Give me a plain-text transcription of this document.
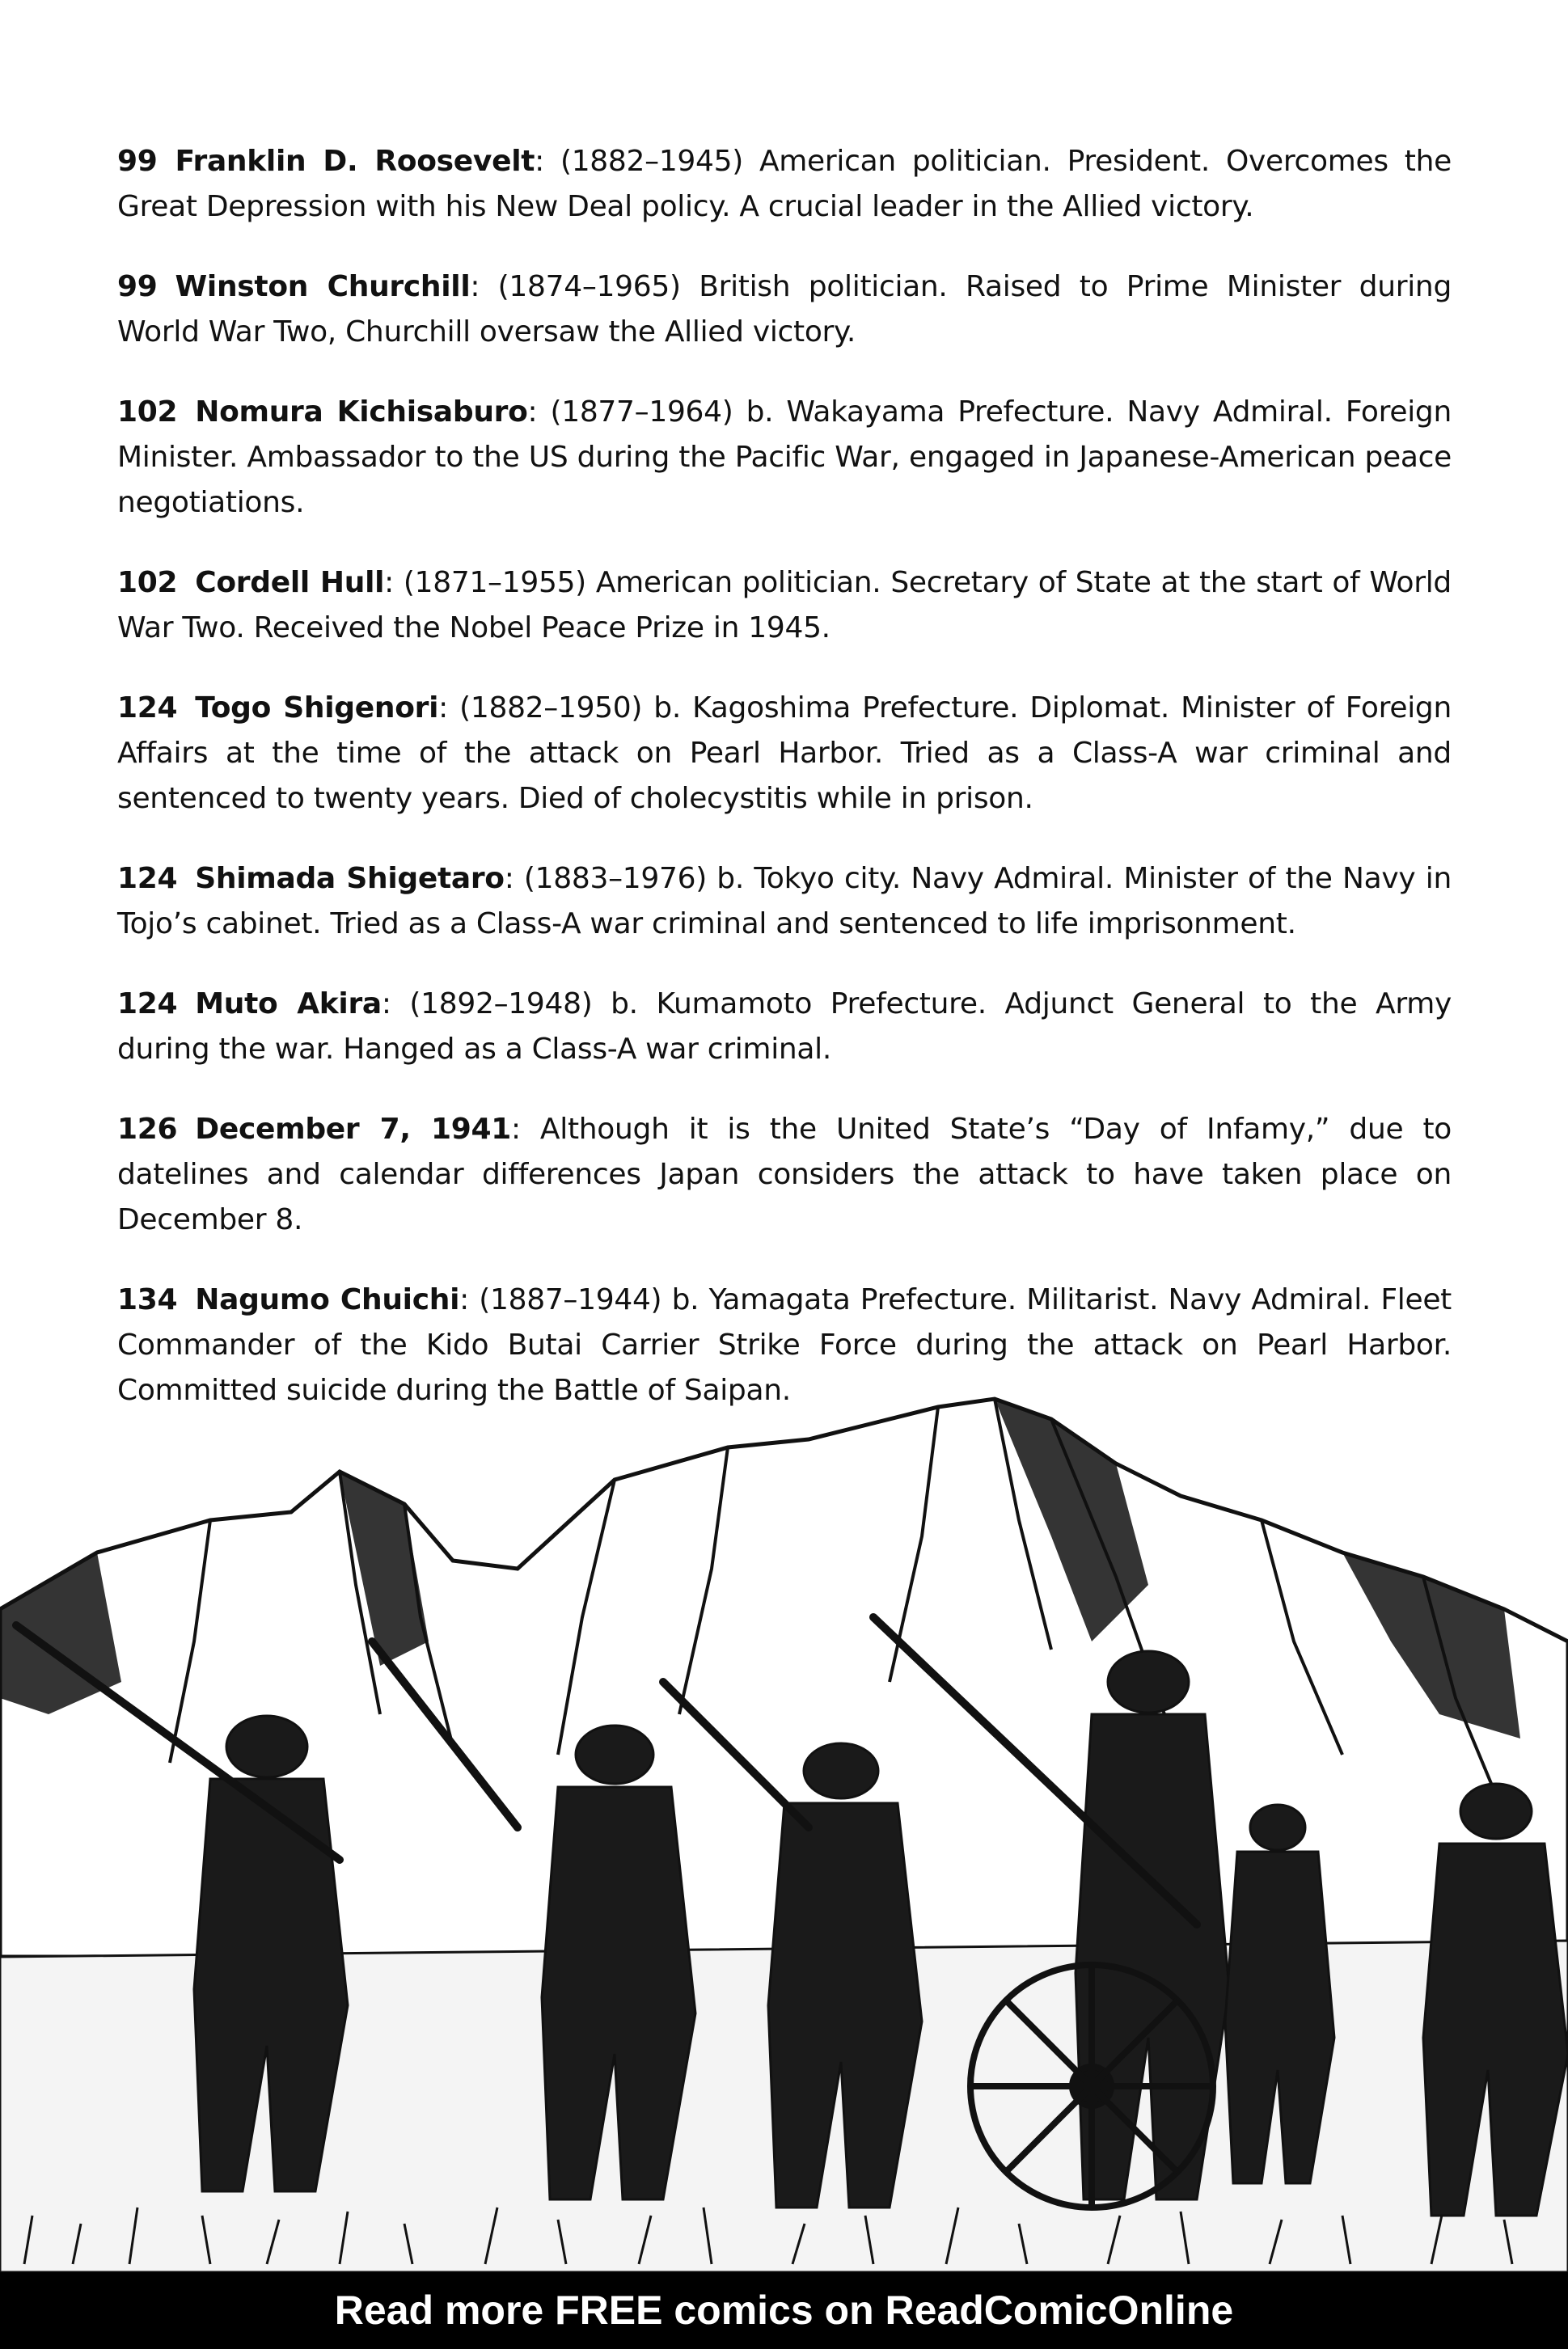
99 Franklin D. Roosevelt: (1882–1945) American politician. President. Overcomes the Great Depression with his New Deal policy. A crucial leader in the Allied victory.

99 Winston Churchill: (1874–1965) British politician. Raised to Prime Minister during World War Two, Churchill oversaw the Allied victory.

102 Nomura Kichisaburo: (1877–1964) b. Wakayama Prefecture. Navy Admiral. Foreign Minister. Ambassador to the US during the Pacific War, engaged in Japanese-American peace negotiations.

102 Cordell Hull: (1871–1955) American politician. Secretary of State at the start of World War Two. Received the Nobel Peace Prize in 1945.

124 Togo Shigenori: (1882–1950) b. Kagoshima Prefecture. Diplomat. Minister of Foreign Affairs at the time of the attack on Pearl Harbor. Tried as a Class-A war criminal and sentenced to twenty years. Died of cholecystitis while in prison.

124 Shimada Shigetaro: (1883–1976) b. Tokyo city. Navy Admiral. Minister of the Navy in Tojo’s cabinet. Tried as a Class-A war criminal and sentenced to life imprisonment.

124 Muto Akira: (1892–1948) b. Kumamoto Prefecture. Adjunct General to the Army during the war. Hanged as a Class-A war criminal.

126 December 7, 1941: Although it is the United State’s “Day of Infamy,” due to datelines and calendar differences Japan considers the attack to have taken place on December 8.

134 Nagumo Chuichi: (1887–1944) b. Yamagata Prefecture. Militarist. Navy Admiral. Fleet Commander of the Kido Butai Carrier Strike Force during the attack on Pearl Harbor. Committed suicide during the Battle of Saipan.

Read more FREE comics on ReadComicOnline
